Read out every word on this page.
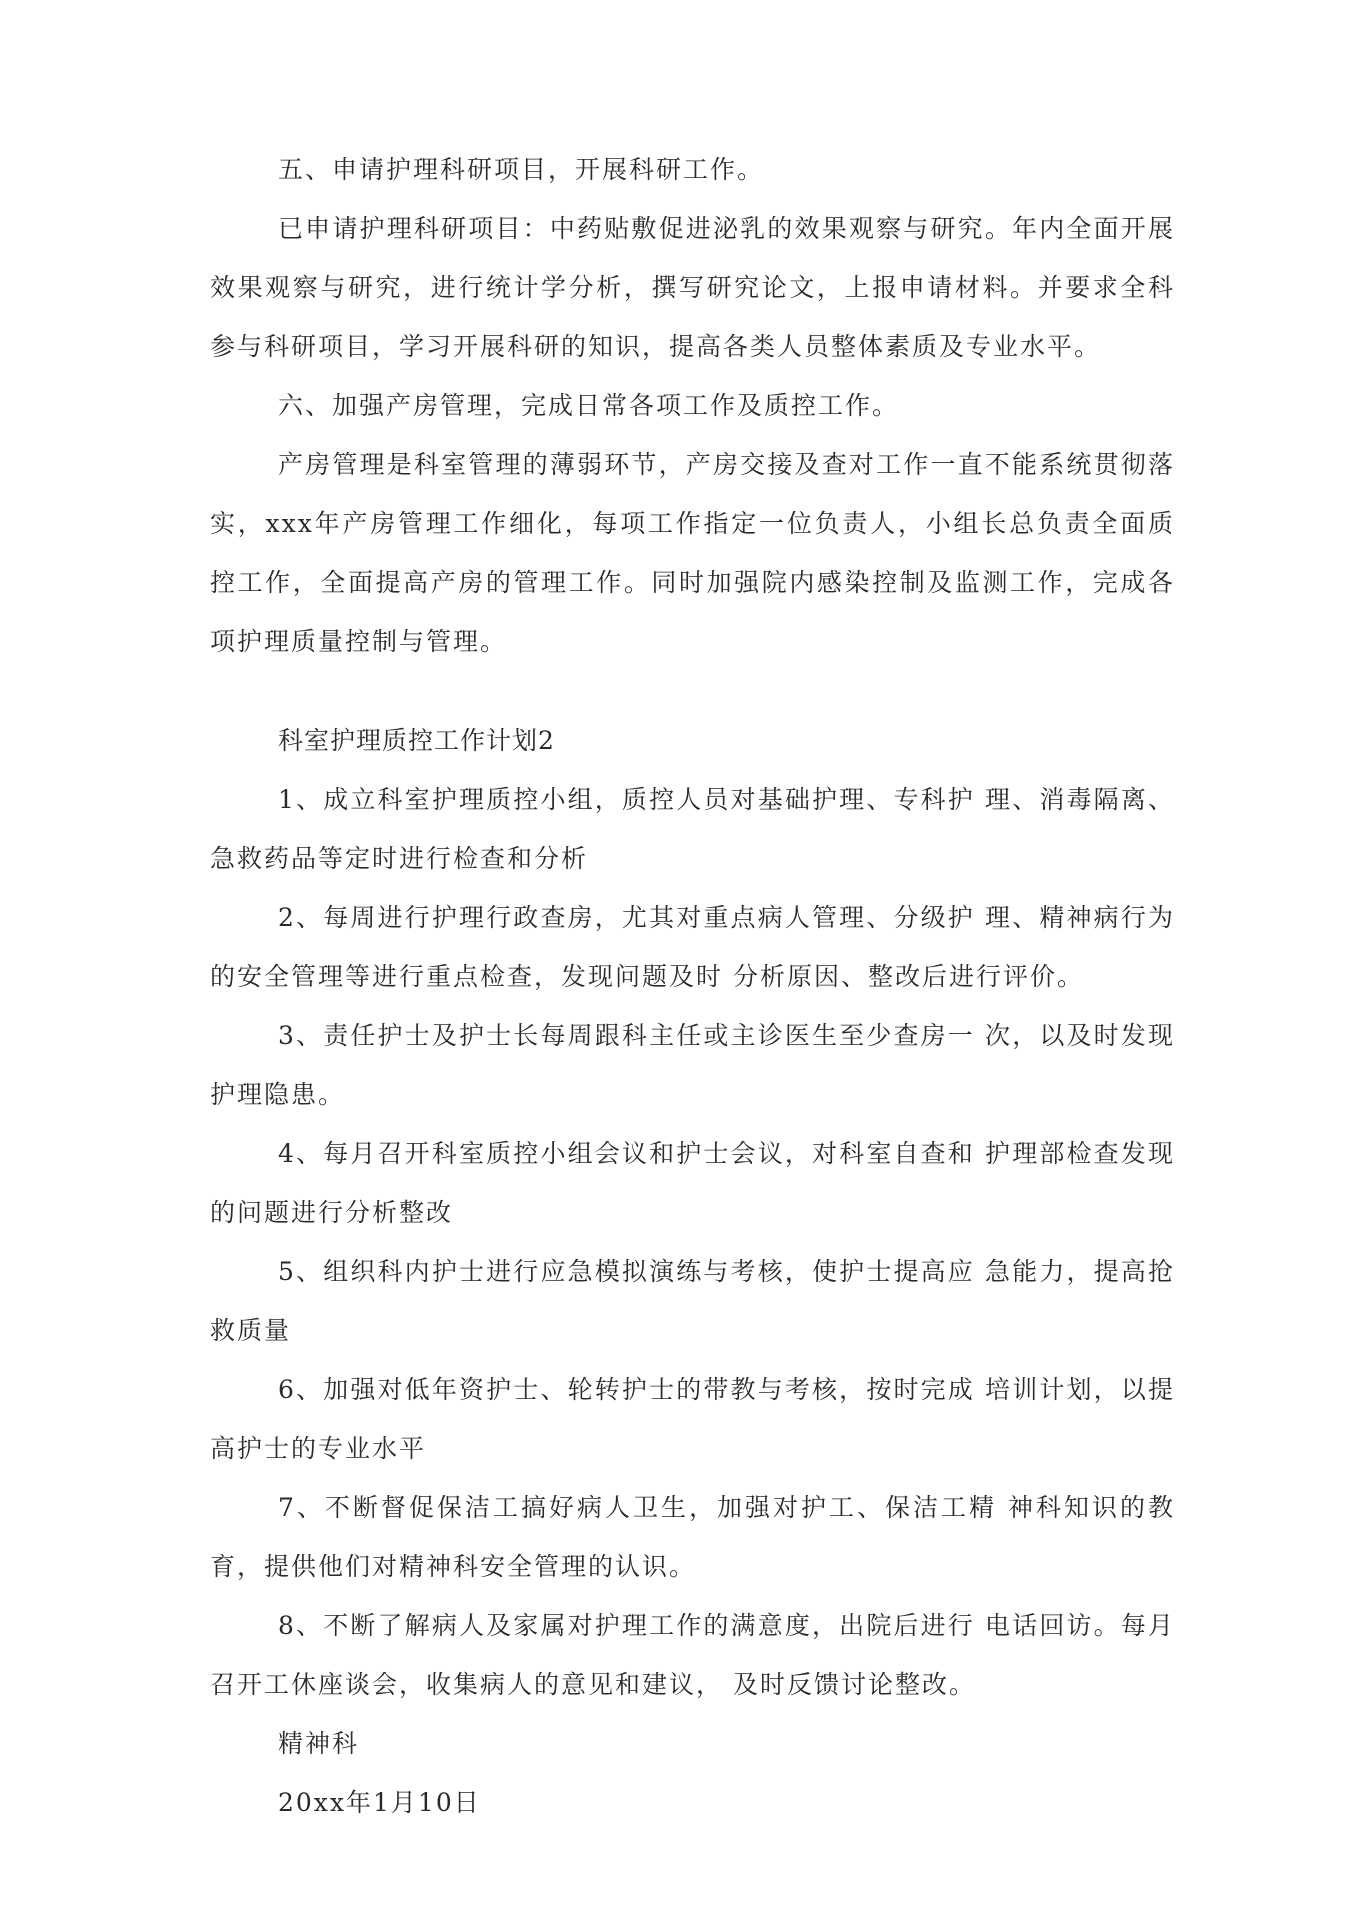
五、申请护理科研项目，开展科研工作。

已申请护理科研项目：中药贴敷促进泌乳的效果观察与研究。年内全面开展效果观察与研究，进行统计学分析，撰写研究论文，上报申请材料。并要求全科参与科研项目，学习开展科研的知识，提高各类人员整体素质及专业水平。

六、加强产房管理，完成日常各项工作及质控工作。

产房管理是科室管理的薄弱环节，产房交接及查对工作一直不能系统贯彻落实，xxx年产房管理工作细化，每项工作指定一位负责人，小组长总负责全面质控工作，全面提高产房的管理工作。同时加强院内感染控制及监测工作，完成各项护理质量控制与管理。

科室护理质控工作计划2

1、成立科室护理质控小组，质控人员对基础护理、专科护 理、消毒隔离、急救药品等定时进行检查和分析

2、每周进行护理行政查房，尤其对重点病人管理、分级护 理、精神病行为的安全管理等进行重点检查，发现问题及时 分析原因、整改后进行评价。

3、责任护士及护士长每周跟科主任或主诊医生至少查房一 次，以及时发现护理隐患。

4、每月召开科室质控小组会议和护士会议，对科室自查和 护理部检查发现的问题进行分析整改

5、组织科内护士进行应急模拟演练与考核，使护士提高应 急能力，提高抢救质量

6、加强对低年资护士、轮转护士的带教与考核，按时完成 培训计划，以提高护士的专业水平

7、不断督促保洁工搞好病人卫生，加强对护工、保洁工精 神科知识的教育，提供他们对精神科安全管理的认识。

8、不断了解病人及家属对护理工作的满意度，出院后进行 电话回访。每月召开工休座谈会，收集病人的意见和建议， 及时反馈讨论整改。

精神科

20xx年1月10日
